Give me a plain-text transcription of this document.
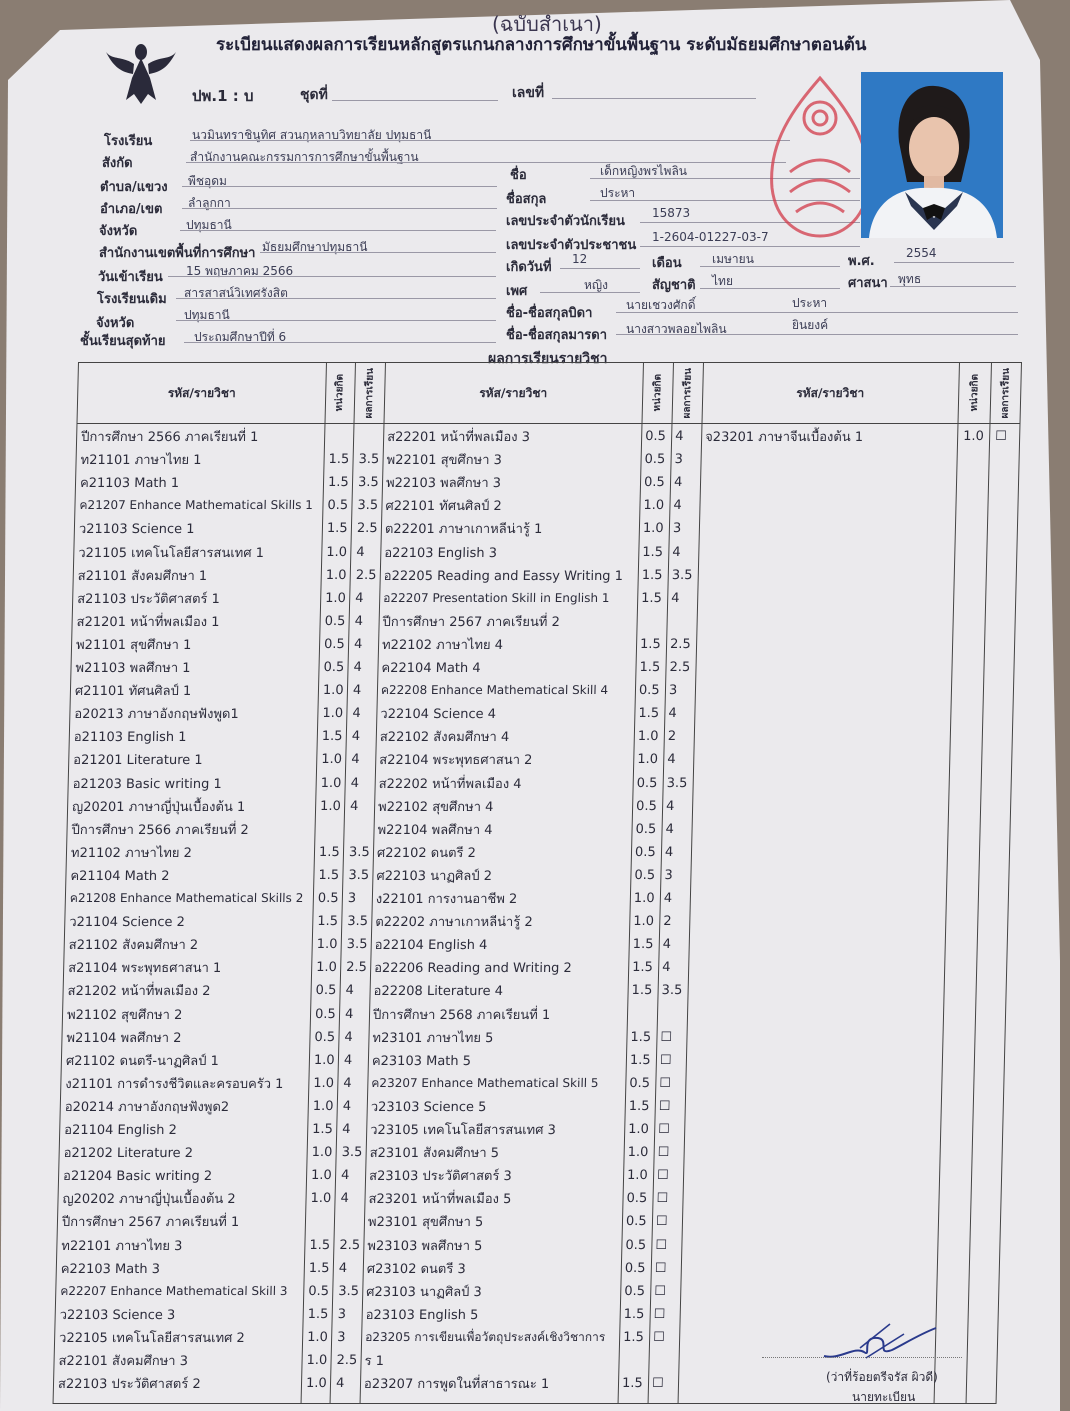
(ฉบับสำเนา)
ระเบียนแสดงผลการเรียนหลักสูตรแกนกลางการศึกษาขั้นพื้นฐาน ระดับมัธยมศึกษาตอนต้น
ปพ.1 : บ	ชุดที่	เลขที่
โรงเรียน	นวมินทราชินูทิศ สวนกุหลาบวิทยาลัย ปทุมธานี
สังกัด	สำนักงานคณะกรรมการการศึกษาขั้นพื้นฐาน
ตำบล/แขวง พืชอุดม
อำเภอ/เขต ลำลูกกา
จังหวัด	ปทุมธานี
สำนักงานเขตพื้นที่การศึกษา มัธยมศึกษาปทุมธานี
วันเข้าเรียน 15 พฤษภาคม 2566
โรงเรียนเดิม สารสาสน์วิเทศรังสิต
จังหวัด
ปทุมธานี
ชั้นเรียนสุดท้าย ประถมศึกษาปีที่ 6
ชื่อ	เด็กหญิงพรไพลิน
ชื่อสกุล	ประหา
เลขประจำตัวนักเรียน
15873
เลขประจำตัวประชาชน
1-2604-01227-03-7
เกิดวันที่
12	เดือน	เมษายน	พ.ศ.
2554
เพศ	หญิง	สัญชาติ ไทย	ศาสนา พุทธ
ชื่อ-ชื่อสกุลบิดา
นายเชวงศักดิ์	ประหา
ชื่อ-ชื่อสกุลมารดา นางสาวพลอยไพลิน	ยินยงค์
ผลการเรียนรายวิชา
รหัส/รายวิชา	หน่วยกิต ผลการเรียน	รหัส/รายวิชา	หน่วยกิต ผลการเรียน	รหัส/รายวิชา	หน่วยกิต ผลการเรียน
ปีการศึกษา 2566 ภาคเรียนที่ 1
ท21101 ภาษาไทย 1	1.5 3.5
ค21103 Math 1	1.5 3.5
ค21207 Enhance Mathematical Skills 1	0.5 3.5
ว21103 Science 1	1.5 2.5
ว21105 เทคโนโลยีสารสนเทศ 1	1.0 4
ส21101 สังคมศึกษา 1	1.0 2.5
ส21103 ประวัติศาสตร์ 1	1.0 4
ส21201 หน้าที่พลเมือง 1	0.5 4
พ21101 สุขศึกษา 1	0.5 4
พ21103 พลศึกษา 1	0.5 4
ศ21101 ทัศนศิลป์ 1	1.0 4
อ20213 ภาษาอังกฤษฟังพูด1	1.0 4
อ21103 English 1	1.5 4
อ21201 Literature 1	1.0 4
อ21203 Basic writing 1	1.0 4
ญ20201 ภาษาญี่ปุ่นเบื้องต้น 1	1.0 4
ปีการศึกษา 2566 ภาคเรียนที่ 2
ท21102 ภาษาไทย 2	1.5 3.5
ค21104 Math 2	1.5 3.5
ค21208 Enhance Mathematical Skills 2	0.5 3
ว21104 Science 2	1.5 3.5
ส21102 สังคมศึกษา 2	1.0 3.5
ส21104 พระพุทธศาสนา 1	1.0 2.5
ส21202 หน้าที่พลเมือง 2	0.5 4
พ21102 สุขศึกษา 2	0.5 4
พ21104 พลศึกษา 2	0.5 4
ศ21102 ดนตรี-นาฏศิลป์ 1	1.0 4
ง21101 การดำรงชีวิตและครอบครัว 1	1.0 4
อ20214 ภาษาอังกฤษฟังพูด2	1.0 4
อ21104 English 2	1.5 4
อ21202 Literature 2	1.0 3.5
อ21204 Basic writing 2	1.0 4
ญ20202 ภาษาญี่ปุ่นเบื้องต้น 2	1.0 4
ปีการศึกษา 2567 ภาคเรียนที่ 1
ท22101 ภาษาไทย 3	1.5 2.5
ค22103 Math 3	1.5 4
ค22207 Enhance Mathematical Skill 3	0.5 3.5
ว22103 Science 3	1.5 3
ว22105 เทคโนโลยีสารสนเทศ 2	1.0 3
ส22101 สังคมศึกษา 3	1.0 2.5
ส22103 ประวัติศาสตร์ 2	1.0 4
ส22201 หน้าที่พลเมือง 3	0.5 4
พ22101 สุขศึกษา 3	0.5 3
พ22103 พลศึกษา 3	0.5 4
ศ22101 ทัศนศิลป์ 2	1.0 4
ต22201 ภาษาเกาหลีน่ารู้ 1	1.0 3
อ22103 English 3	1.5 4
อ22205 Reading and Eassy Writing 1	1.5 3.5
อ22207 Presentation Skill in English 1	1.5 4
ปีการศึกษา 2567 ภาคเรียนที่ 2
ท22102 ภาษาไทย 4	1.5 2.5
ค22104 Math 4	1.5 2.5
ค22208 Enhance Mathematical Skill 4	0.5 3
ว22104 Science 4	1.5 4
ส22102 สังคมศึกษา 4	1.0 2
ส22104 พระพุทธศาสนา 2	1.0 4
ส22202 หน้าที่พลเมือง 4	0.5 3.5
พ22102 สุขศึกษา 4	0.5 4
พ22104 พลศึกษา 4	0.5 4
ศ22102 ดนตรี 2	0.5 4
ศ22103 นาฏศิลป์ 2	0.5 3
ง22101 การงานอาชีพ 2	1.0 4
ต22202 ภาษาเกาหลีน่ารู้ 2	1.0 2
อ22104 English 4	1.5 4
อ22206 Reading and Writing 2	1.5 4
อ22208 Literature 4	1.5 3.5
ปีการศึกษา 2568 ภาคเรียนที่ 1
ท23101 ภาษาไทย 5	1.5 ☐
ค23103 Math 5	1.5 ☐
ค23207 Enhance Mathematical Skill 5	0.5 ☐
ว23103 Science 5	1.5 ☐
ว23105 เทคโนโลยีสารสนเทศ 3	1.0 ☐
ส23101 สังคมศึกษา 5	1.0 ☐
ส23103 ประวัติศาสตร์ 3	1.0 ☐
ส23201 หน้าที่พลเมือง 5	0.5 ☐
พ23101 สุขศึกษา 5	0.5 ☐
พ23103 พลศึกษา 5	0.5 ☐
ศ23102 ดนตรี 3	0.5 ☐
ศ23103 นาฏศิลป์ 3	0.5 ☐
อ23103 English 5	1.5 ☐
อ23205 การเขียนเพื่อวัตถุประสงค์เชิงวิชาการ	1.5 ☐
ร 1
อ23207 การพูดในที่สาธารณะ 1	1.5 ☐
จ23201 ภาษาจีนเบื้องต้น 1	1.0 ☐
(ว่าที่ร้อยตรีจรัส ผิวดี)
นายทะเบียน
